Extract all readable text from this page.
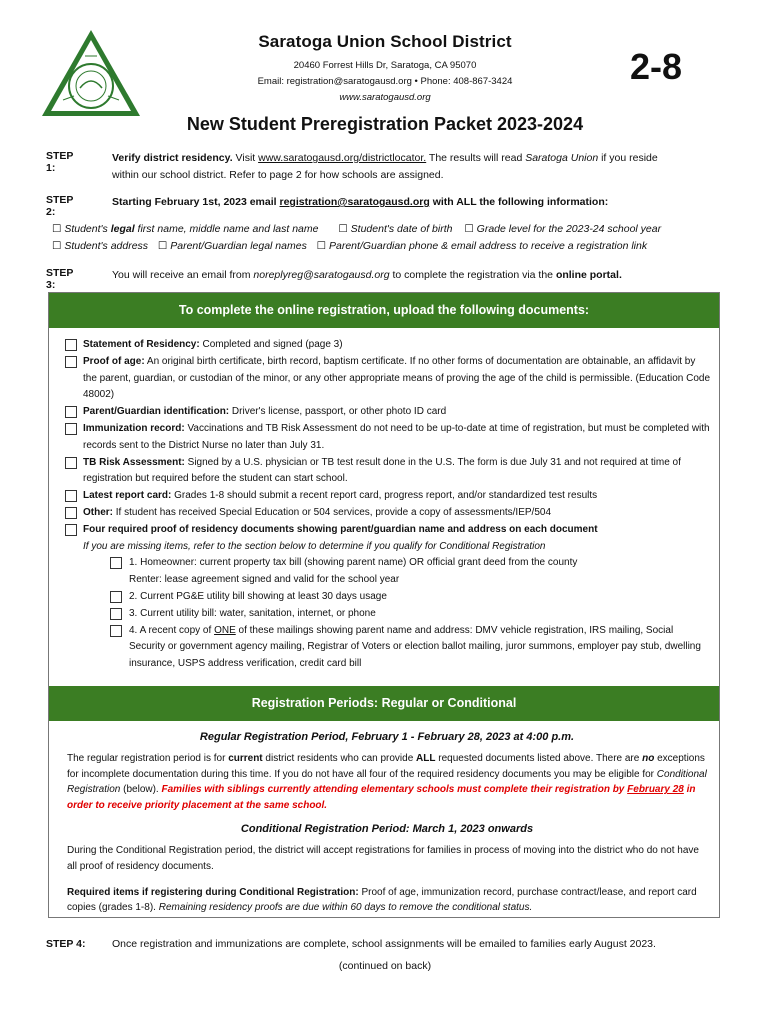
Saratoga Union School District
20460 Forrest Hills Dr, Saratoga, CA 95070
Email: registration@saratogausd.org • Phone: 408-867-3424
www.saratogausd.org
2-8
New Student Preregistration Packet 2023-2024
STEP 1:
Verify district residency. Visit www.saratogausd.org/districtlocator. The results will read Saratoga Union if you reside
within our school district. Refer to page 2 for how schools are assigned.
STEP 2:
Starting February 1st, 2023 email registration@saratogausd.org with ALL the following information:
☐ Student's legal first name, middle name and last name ☐ Student's date of birth ☐ Grade level for the 2023-24 school year
☐ Student's address ☐ Parent/Guardian legal names ☐ Parent/Guardian phone & email address to receive a registration link
STEP 3:
You will receive an email from noreplyreg@saratogausd.org to complete the registration via the online portal.
To complete the online registration, upload the following documents:
Statement of Residency: Completed and signed (page 3)
Proof of age: An original birth certificate, birth record, baptism certificate. If no other forms of documentation are obtainable, an affidavit by the parent, guardian, or custodian of the minor, or any other appropriate means of proving the age of the child is permissible. (Education Code 48002)
Parent/Guardian identification: Driver's license, passport, or other photo ID card
Immunization record: Vaccinations and TB Risk Assessment do not need to be up-to-date at time of registration, but must be completed with records sent to the District Nurse no later than July 31.
TB Risk Assessment: Signed by a U.S. physician or TB test result done in the U.S. The form is due July 31 and not required at time of registration but required before the student can start school.
Latest report card: Grades 1-8 should submit a recent report card, progress report, and/or standardized test results
Other: If student has received Special Education or 504 services, provide a copy of assessments/IEP/504
Four required proof of residency documents showing parent/guardian name and address on each document
If you are missing items, refer to the section below to determine if you qualify for Conditional Registration
1. Homeowner: current property tax bill (showing parent name) OR official grant deed from the county
Renter: lease agreement signed and valid for the school year
2. Current PG&E utility bill showing at least 30 days usage
3. Current utility bill: water, sanitation, internet, or phone
4. A recent copy of ONE of these mailings showing parent name and address: DMV vehicle registration, IRS mailing, Social Security or government agency mailing, Registrar of Voters or election ballot mailing, juror summons, employer pay stub, dwelling insurance, USPS address verification, credit card bill
Registration Periods: Regular or Conditional
Regular Registration Period, February 1 - February 28, 2023 at 4:00 p.m.
The regular registration period is for current district residents who can provide ALL requested documents listed above. There are no exceptions for incomplete documentation during this time. If you do not have all four of the required residency documents you may be eligible for Conditional Registration (below). Families with siblings currently attending elementary schools must complete their registration by February 28 in order to receive priority placement at the same school.
Conditional Registration Period: March 1, 2023 onwards
During the Conditional Registration period, the district will accept registrations for families in process of moving into the district who do not have all proof of residency documents.
Required items if registering during Conditional Registration: Proof of age, immunization record, purchase contract/lease, and report card copies (grades 1-8). Remaining residency proofs are due within 60 days to remove the conditional status.
STEP 4:	Once registration and immunizations are complete, school assignments will be emailed to families early August 2023.
(continued on back)
